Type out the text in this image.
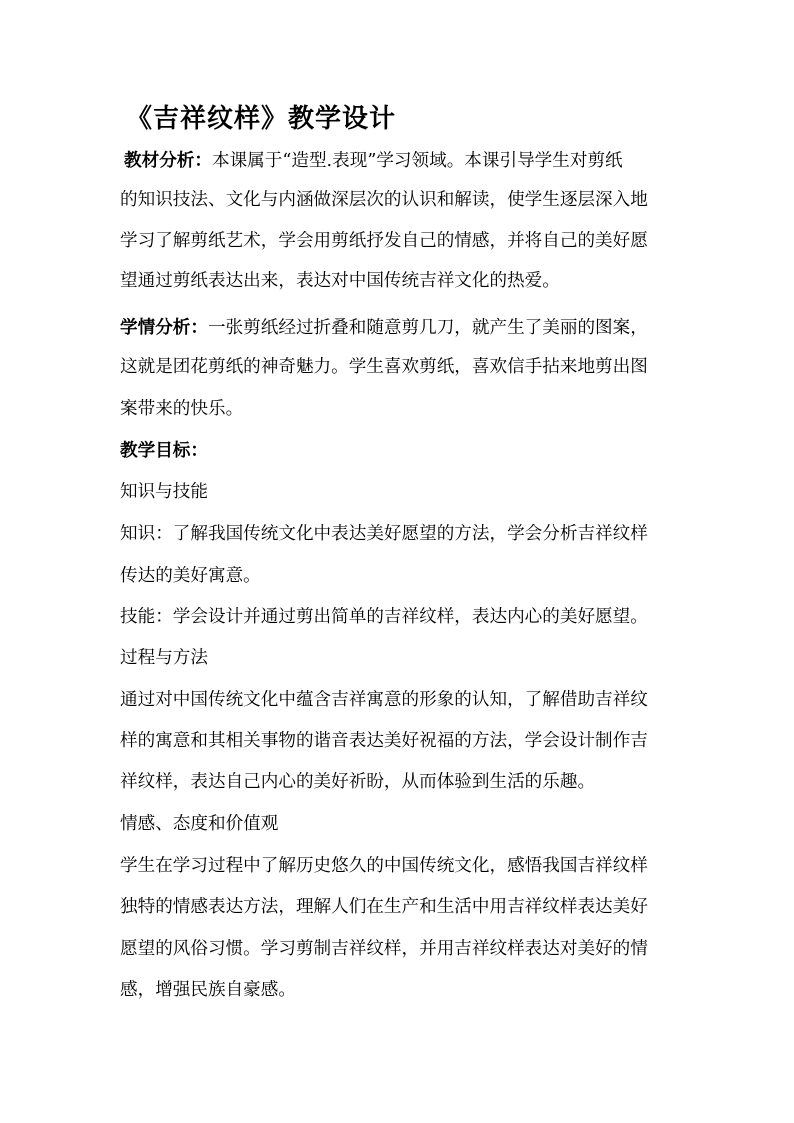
《吉祥纹样》教学设计
教材分析：本课属于“造型.表现”学习领域。本课引导学生对剪纸
的知识技法、文化与内涵做深层次的认识和解读，使学生逐层深入地
学习了解剪纸艺术，学会用剪纸抒发自己的情感，并将自己的美好愿
望通过剪纸表达出来，表达对中国传统吉祥文化的热爱。
学情分析：一张剪纸经过折叠和随意剪几刀，就产生了美丽的图案，
这就是团花剪纸的神奇魅力。学生喜欢剪纸，喜欢信手拈来地剪出图
案带来的快乐。
教学目标：
知识与技能
知识：了解我国传统文化中表达美好愿望的方法，学会分析吉祥纹样
传达的美好寓意。
技能：学会设计并通过剪出简单的吉祥纹样，表达内心的美好愿望。
过程与方法
通过对中国传统文化中蕴含吉祥寓意的形象的认知，了解借助吉祥纹
样的寓意和其相关事物的谐音表达美好祝福的方法，学会设计制作吉
祥纹样，表达自己内心的美好祈盼，从而体验到生活的乐趣。
情感、态度和价值观
学生在学习过程中了解历史悠久的中国传统文化，感悟我国吉祥纹样
独特的情感表达方法，理解人们在生产和生活中用吉祥纹样表达美好
愿望的风俗习惯。学习剪制吉祥纹样，并用吉祥纹样表达对美好的情
感，增强民族自豪感。
